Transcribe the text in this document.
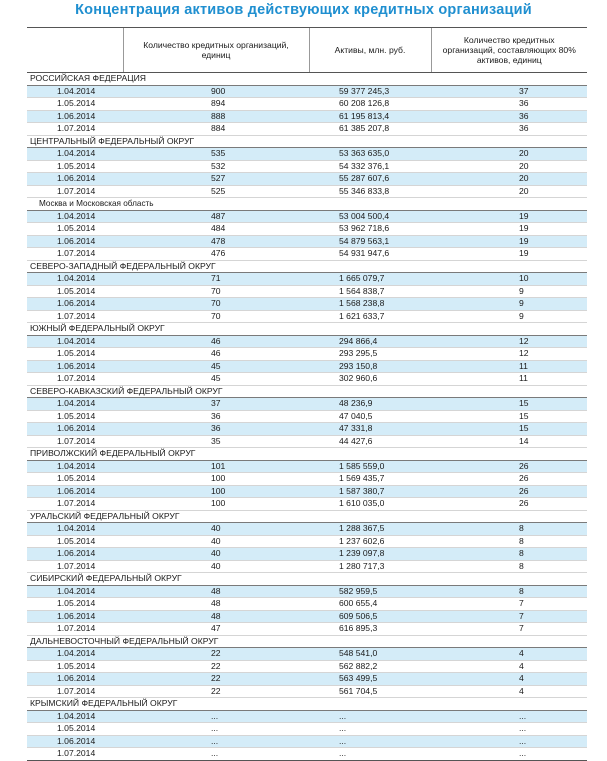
Концентрация активов действующих кредитных организаций
	Количество кредитных организаций, единиц	Активы, млн. руб.	Количество кредитных организаций, составляющих 80% активов, единиц
РОССИЙСКАЯ ФЕДЕРАЦИЯ			
1.04.2014	900	59 377 245,3	37
1.05.2014	894	60 208 126,8	36
1.06.2014	888	61 195 813,4	36
1.07.2014	884	61 385 207,8	36
ЦЕНТРАЛЬНЫЙ ФЕДЕРАЛЬНЫЙ ОКРУГ			
1.04.2014	535	53 363 635,0	20
1.05.2014	532	54 332 376,1	20
1.06.2014	527	55 287 607,6	20
1.07.2014	525	55 346 833,8	20
Москва и Московская область			
1.04.2014	487	53 004 500,4	19
1.05.2014	484	53 962 718,6	19
1.06.2014	478	54 879 563,1	19
1.07.2014	476	54 931 947,6	19
СЕВЕРО-ЗАПАДНЫЙ ФЕДЕРАЛЬНЫЙ ОКРУГ			
1.04.2014	71	1 665 079,7	10
1.05.2014	70	1 564 838,7	9
1.06.2014	70	1 568 238,8	9
1.07.2014	70	1 621 633,7	9
ЮЖНЫЙ ФЕДЕРАЛЬНЫЙ ОКРУГ			
1.04.2014	46	294 866,4	12
1.05.2014	46	293 295,5	12
1.06.2014	45	293 150,8	11
1.07.2014	45	302 960,6	11
СЕВЕРО-КАВКАЗСКИЙ ФЕДЕРАЛЬНЫЙ ОКРУГ			
1.04.2014	37	48 236,9	15
1.05.2014	36	47 040,5	15
1.06.2014	36	47 331,8	15
1.07.2014	35	44 427,6	14
ПРИВОЛЖСКИЙ ФЕДЕРАЛЬНЫЙ ОКРУГ			
1.04.2014	101	1 585 559,0	26
1.05.2014	100	1 569 435,7	26
1.06.2014	100	1 587 380,7	26
1.07.2014	100	1 610 035,0	26
УРАЛЬСКИЙ ФЕДЕРАЛЬНЫЙ ОКРУГ			
1.04.2014	40	1 288 367,5	8
1.05.2014	40	1 237 602,6	8
1.06.2014	40	1 239 097,8	8
1.07.2014	40	1 280 717,3	8
СИБИРСКИЙ ФЕДЕРАЛЬНЫЙ ОКРУГ			
1.04.2014	48	582 959,5	8
1.05.2014	48	600 655,4	7
1.06.2014	48	609 506,5	7
1.07.2014	47	616 895,3	7
ДАЛЬНЕВОСТОЧНЫЙ ФЕДЕРАЛЬНЫЙ ОКРУГ			
1.04.2014	22	548 541,0	4
1.05.2014	22	562 882,2	4
1.06.2014	22	563 499,5	4
1.07.2014	22	561 704,5	4
КРЫМСКИЙ ФЕДЕРАЛЬНЫЙ ОКРУГ			
1.04.2014	...	...	...
1.05.2014	...	...	...
1.06.2014	...	...	...
1.07.2014	...	...	...
